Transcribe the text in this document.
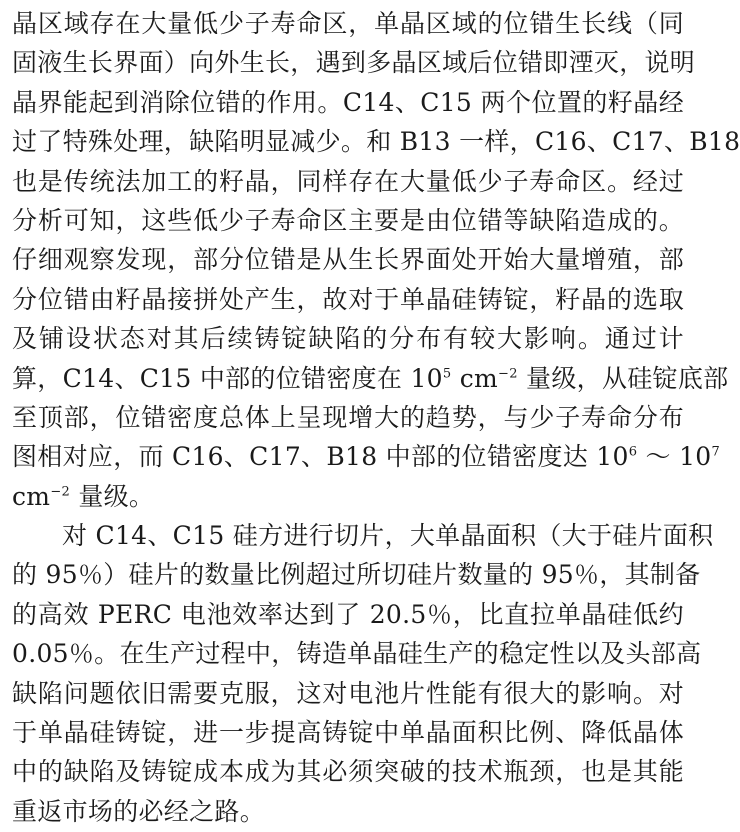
晶区域存在大量低少子寿命区，单晶区域的位错生长线（同
固液生长界面）向外生长，遇到多晶区域后位错即湮灭，说明
晶界能起到消除位错的作用。C14、C15 两个位置的籽晶经
过了特殊处理，缺陷明显减少。和 B13 一样，C16、C17、B18
也是传统法加工的籽晶，同样存在大量低少子寿命区。经过
分析可知，这些低少子寿命区主要是由位错等缺陷造成的。
仔细观察发现，部分位错是从生长界面处开始大量增殖，部
分位错由籽晶接拼处产生，故对于单晶硅铸锭，籽晶的选取
及铺设状态对其后续铸锭缺陷的分布有较大影响。通过计
算，C14、C15 中部的位错密度在 $10^5$ $cm^{-2}$ 量级，从硅锭底部
至顶部，位错密度总体上呈现增大的趋势，与少子寿命分布
图相对应，而 C16、C17、B18 中部的位错密度达 $10^6$ ～ $10^7$
$cm^{-2}$ 量级。
对 C14、C15 硅方进行切片，大单晶面积（大于硅片面积
的 95％）硅片的数量比例超过所切硅片数量的 95％，其制备
的高效 PERC 电池效率达到了 20.5％，比直拉单晶硅低约
0.05％。在生产过程中，铸造单晶硅生产的稳定性以及头部高
缺陷问题依旧需要克服，这对电池片性能有很大的影响。对
于单晶硅铸锭，进一步提高铸锭中单晶面积比例、降低晶体
中的缺陷及铸锭成本成为其必须突破的技术瓶颈，也是其能
重返市场的必经之路。
